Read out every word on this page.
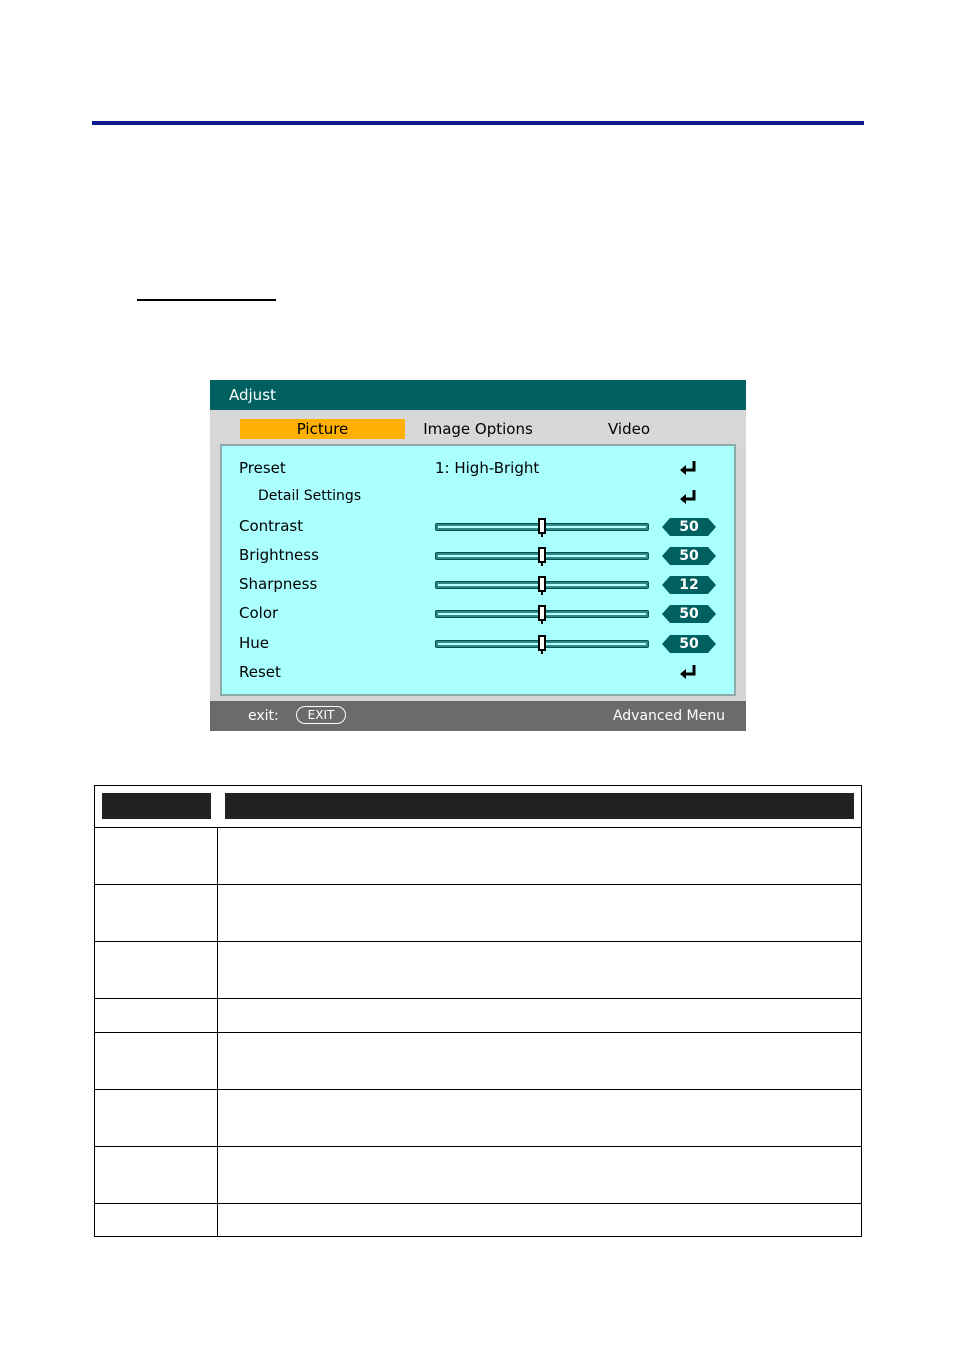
Adjust
Picture	Image Options	Video
Preset	1: High-Bright
Detail Settings
Contrast	50
Brightness	50
Sharpness	12
Color	50
Hue	50
Reset
exit:	EXIT	Advanced Menu
